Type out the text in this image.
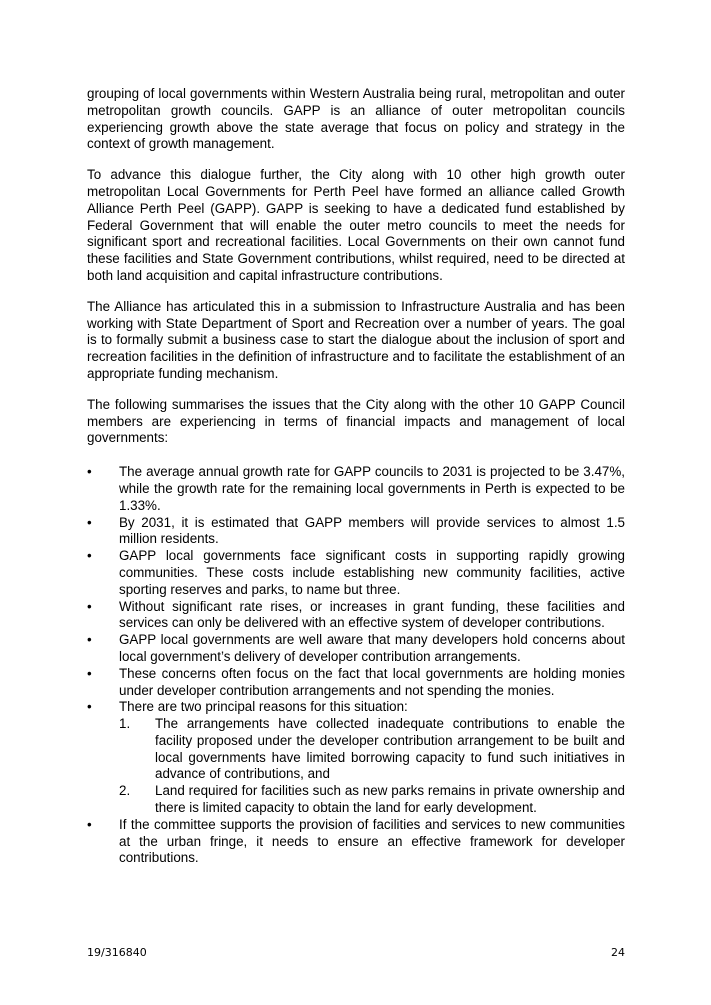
grouping of local governments within Western Australia being rural, metropolitan and outer metropolitan growth councils. GAPP is an alliance of outer metropolitan councils experiencing growth above the state average that focus on policy and strategy in the context of growth management.

To advance this dialogue further, the City along with 10 other high growth outer metropolitan Local Governments for Perth Peel have formed an alliance called Growth Alliance Perth Peel (GAPP). GAPP is seeking to have a dedicated fund established by Federal Government that will enable the outer metro councils to meet the needs for significant sport and recreational facilities. Local Governments on their own cannot fund these facilities and State Government contributions, whilst required, need to be directed at both land acquisition and capital infrastructure contributions.

The Alliance has articulated this in a submission to Infrastructure Australia and has been working with State Department of Sport and Recreation over a number of years. The goal is to formally submit a business case to start the dialogue about the inclusion of sport and recreation facilities in the definition of infrastructure and to facilitate the establishment of an appropriate funding mechanism.

The following summarises the issues that the City along with the other 10 GAPP Council members are experiencing in terms of financial impacts and management of local governments:

• The average annual growth rate for GAPP councils to 2031 is projected to be 3.47%, while the growth rate for the remaining local governments in Perth is expected to be 1.33%.
• By 2031, it is estimated that GAPP members will provide services to almost 1.5 million residents.
• GAPP local governments face significant costs in supporting rapidly growing communities. These costs include establishing new community facilities, active sporting reserves and parks, to name but three.
• Without significant rate rises, or increases in grant funding, these facilities and services can only be delivered with an effective system of developer contributions.
• GAPP local governments are well aware that many developers hold concerns about local government’s delivery of developer contribution arrangements.
• These concerns often focus on the fact that local governments are holding monies under developer contribution arrangements and not spending the monies.
• There are two principal reasons for this situation:
1. The arrangements have collected inadequate contributions to enable the facility proposed under the developer contribution arrangement to be built and local governments have limited borrowing capacity to fund such initiatives in advance of contributions, and
2. Land required for facilities such as new parks remains in private ownership and there is limited capacity to obtain the land for early development.
• If the committee supports the provision of facilities and services to new communities at the urban fringe, it needs to ensure an effective framework for developer contributions.
19/316840	24
